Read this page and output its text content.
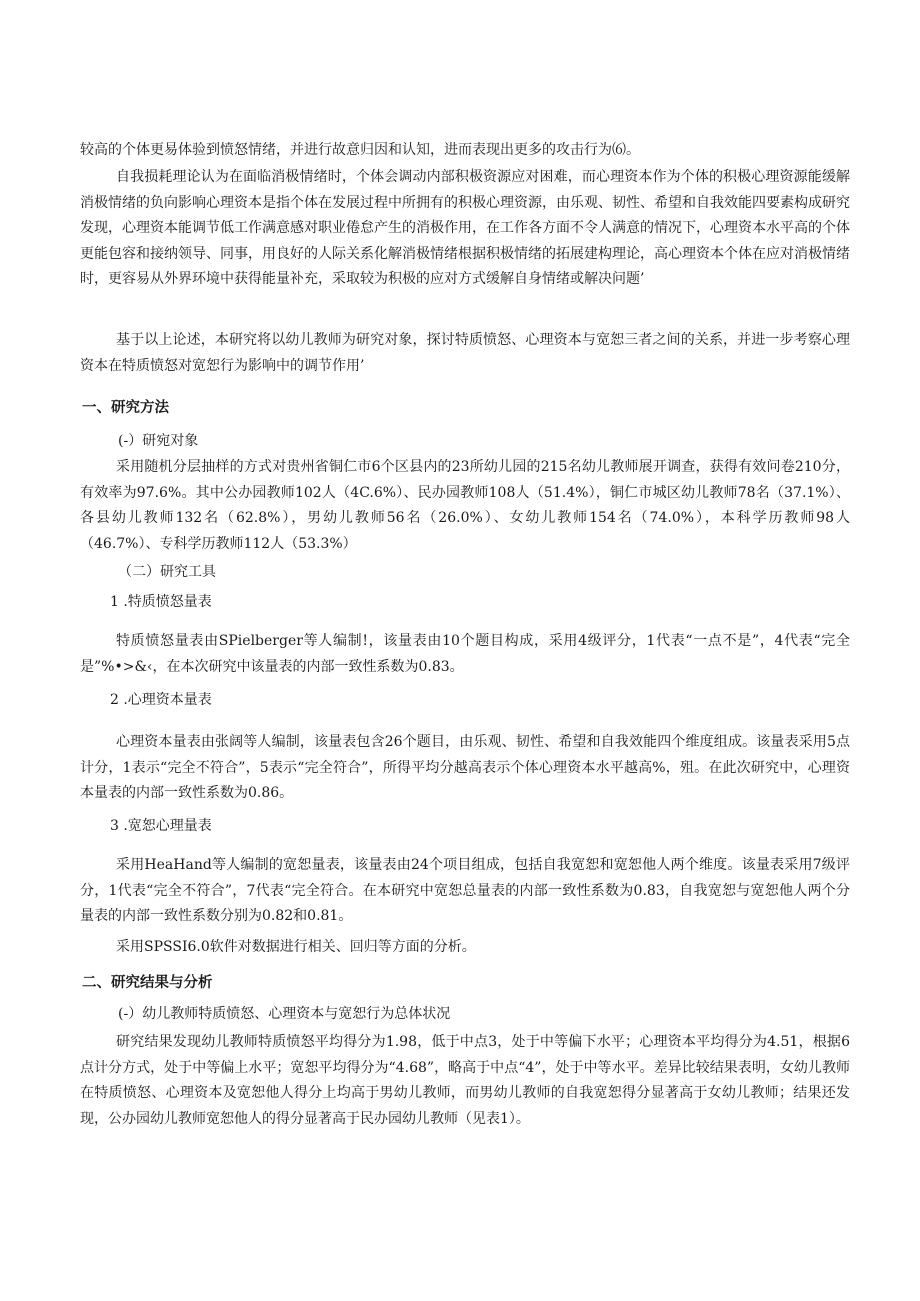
较高的个体更易体验到愤怒情绪，并进行故意归因和认知，进而表现出更多的攻击行为⑹。

自我损耗理论认为在面临消极情绪时，个体会调动内部积极资源应对困难，而心理资本作为个体的积极心理资源能缓解消极情绪的负向影响心理资本是指个体在发展过程中所拥有的积极心理资源，由乐观、韧性、希望和自我效能四要素构成研究发现，心理资本能调节低工作满意感对职业倦怠产生的消极作用，在工作各方面不令人满意的情况下，心理资本水平高的个体更能包容和接纳领导、同事，用良好的人际关系化解消极情绪根据积极情绪的拓展建构理论，高心理资本个体在应对消极情绪时，更容易从外界环境中获得能量补充，采取较为积极的应对方式缓解自身情绪或解决问题’

基于以上论述，本研究将以幼儿教师为研究对象，探讨特质愤怒、心理资本与宽恕三者之间的关系，并进一步考察心理资本在特质愤怒对宽恕行为影响中的调节作用’

一、研究方法

(-）研宛对象

采用随机分层抽样的方式对贵州省铜仁市6个区县内的23所幼儿园的215名幼儿教师展开调查，获得有效问卷210分，有效率为97.6%。其中公办园教师102人（4C.6%）、民办园教师108人（51.4%），铜仁市城区幼儿教师78名（37.1%）、各县幼儿教师132名（62.8%），男幼儿教师56名（26.0%）、女幼儿教师154名（74.0%），本科学历教师98人（46.7%）、专科学历教师112人（53.3%）

（二）研究工具

1 .特质愤怒量表

特质愤怒量表由SPielberger等人编制!，该量表由10个题目构成，采用4级评分，1代表“一点不是”，4代表“完全是”%•>&‹，在本次研究中该量表的内部一致性系数为0.83。

2 .心理资本量表

心理资本量表由张阔等人编制，该量表包含26个题目，由乐观、韧性、希望和自我效能四个维度组成。该量表采用5点计分，1表示“完全不符合”，5表示“完全符合”，所得平均分越高表示个体心理资本水平越高%，殂。在此次研究中，心理资本量表的内部一致性系数为0.86。

3 .宽恕心理量表

采用HeaHand等人编制的宽恕量表，该量表由24个项目组成，包括自我宽恕和宽恕他人两个维度。该量表采用7级评分，1代表“完全不符合”，7代表“完全符合。在本研究中宽恕总量表的内部一致性系数为0.83，自我宽恕与宽恕他人两个分量表的内部一致性系数分别为0.82和0.81。

采用SPSSI6.0软件对数据进行相关、回归等方面的分析。

二、研究结果与分析

(-）幼儿教师特质愤怒、心理资本与宽恕行为总体状况

研究结果发现幼儿教师特质愤怒平均得分为1.98，低于中点3，处于中等偏下水平；心理资本平均得分为4.51，根据6点计分方式，处于中等偏上水平；宽恕平均得分为“4.68”，略高于中点“4”，处于中等水平。差异比较结果表明，女幼儿教师在特质愤怒、心理资本及宽恕他人得分上均高于男幼儿教师，而男幼儿教师的自我宽恕得分显著高于女幼儿教师；结果还发现，公办园幼儿教师宽恕他人的得分显著高于民办园幼儿教师（见表1）。
